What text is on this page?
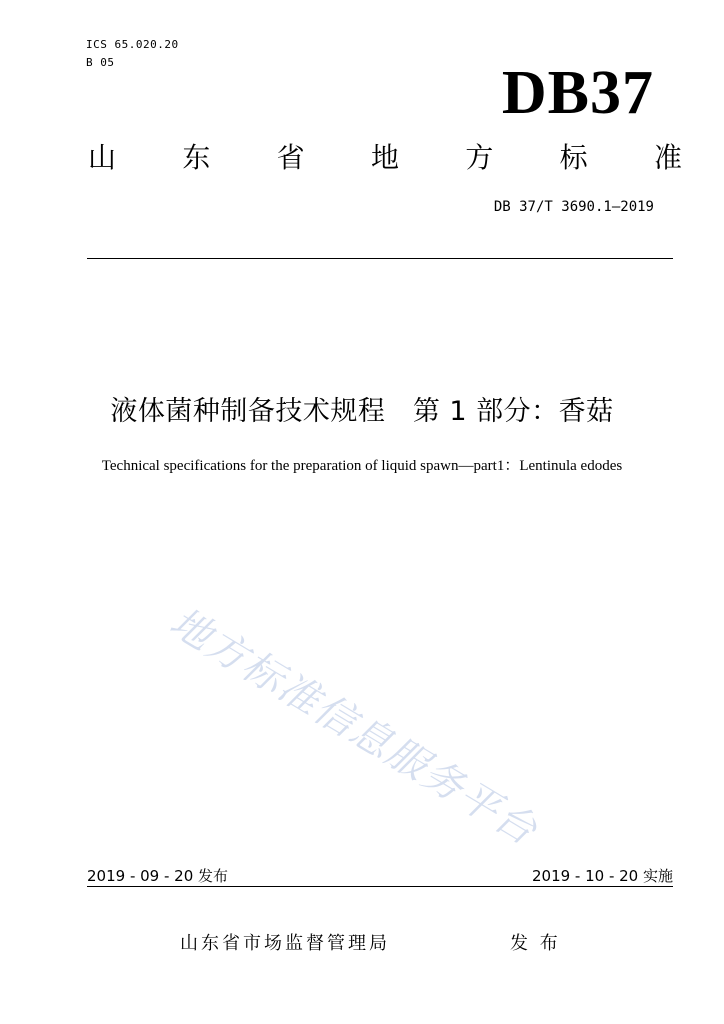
ICS 65.020.20
B 05	DB37
山 东 省 地 方 标 准
DB 37/T 3690.1—2019
液体菌种制备技术规程　第 1 部分：香菇
Technical specifications for the preparation of liquid spawn—part1：Lentinula edodes
地方标准信息服务平台
2019 - 09 - 20 发布	2019 - 10 - 20 实施
山东省市场监督管理局	发 布
